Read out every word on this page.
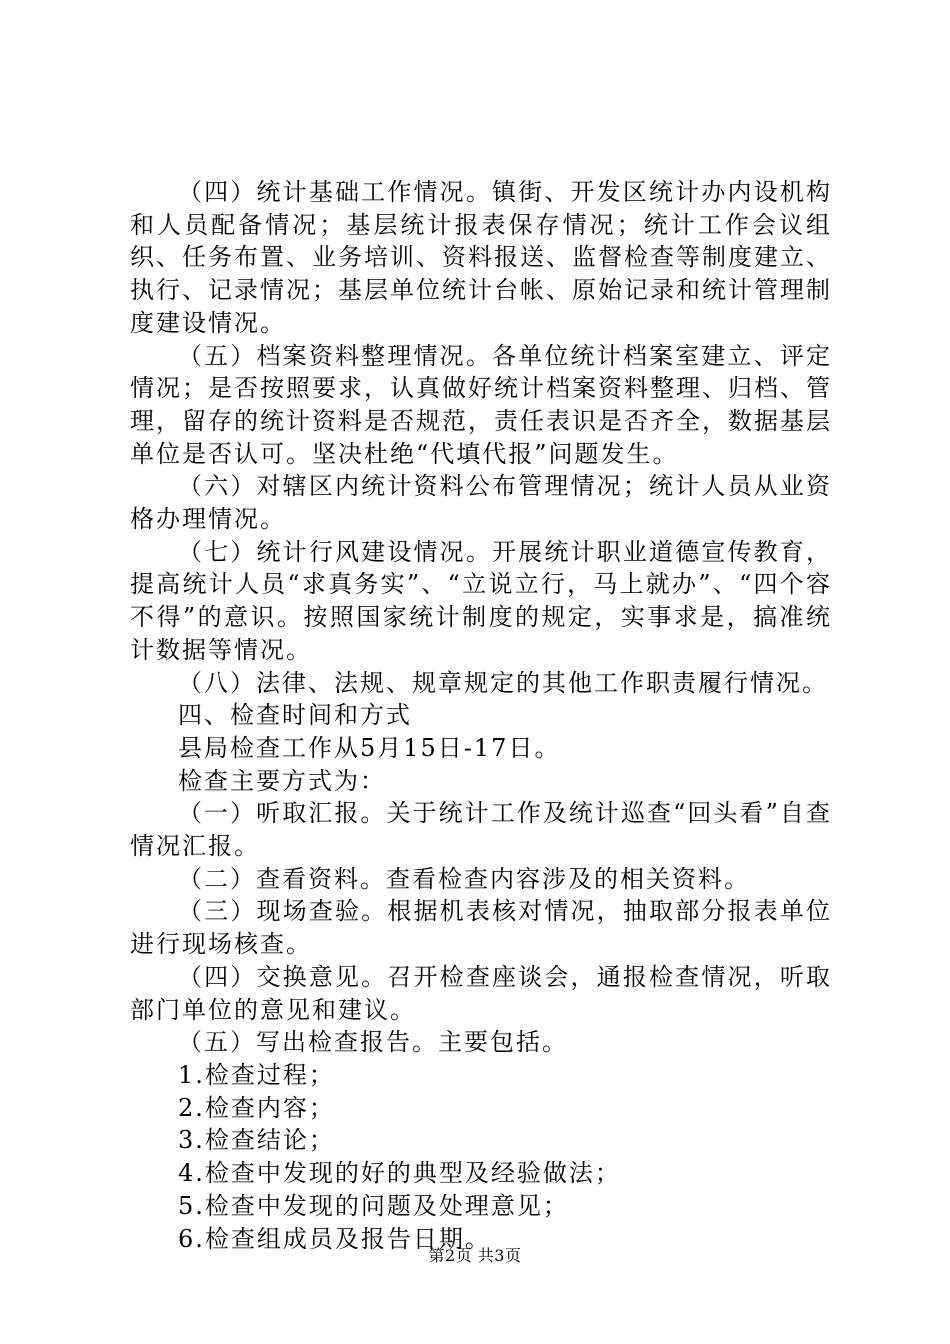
（四）统计基础工作情况。镇街、开发区统计办内设机构和人员配备情况；基层统计报表保存情况；统计工作会议组织、任务布置、业务培训、资料报送、监督检查等制度建立、执行、记录情况；基层单位统计台帐、原始记录和统计管理制度建设情况。

（五）档案资料整理情况。各单位统计档案室建立、评定情况；是否按照要求，认真做好统计档案资料整理、归档、管理，留存的统计资料是否规范，责任表识是否齐全，数据基层单位是否认可。坚决杜绝“代填代报”问题发生。

（六）对辖区内统计资料公布管理情况；统计人员从业资格办理情况。

（七）统计行风建设情况。开展统计职业道德宣传教育，提高统计人员“求真务实”、“立说立行，马上就办”、“四个容不得”的意识。按照国家统计制度的规定，实事求是，搞准统计数据等情况。

（八）法律、法规、规章规定的其他工作职责履行情况。

四、检查时间和方式

县局检查工作从5月15日-17日。

检查主要方式为：

（一）听取汇报。关于统计工作及统计巡查“回头看”自查情况汇报。

（二）查看资料。查看检查内容涉及的相关资料。

（三）现场查验。根据机表核对情况，抽取部分报表单位进行现场核查。

（四）交换意见。召开检查座谈会，通报检查情况，听取部门单位的意见和建议。

（五）写出检查报告。主要包括。

1.检查过程；

2.检查内容；

3.检查结论；

4.检查中发现的好的典型及经验做法；

5.检查中发现的问题及处理意见；

6.检查组成员及报告日期。

第2页 共3页
